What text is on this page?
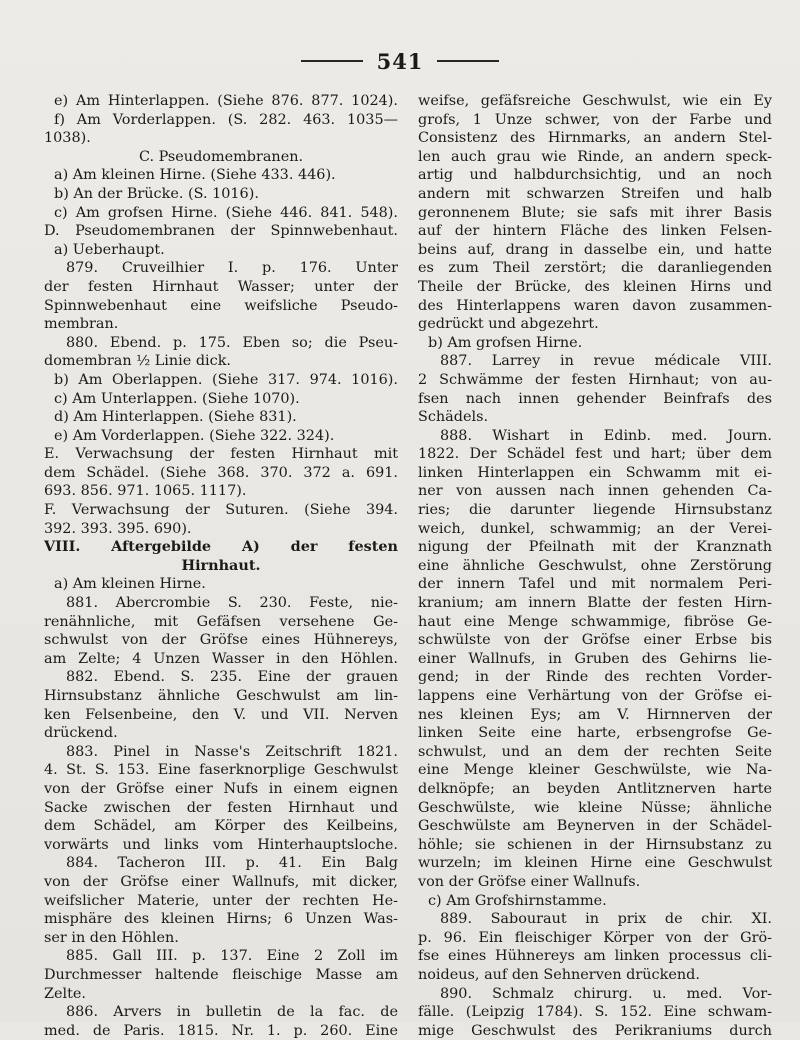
541
e) Am Hinterlappen. (Siehe 876. 877. 1024).
f) Am Vorderlappen. (S. 282. 463. 1035—
1038).
C. Pseudomembranen.
a) Am kleinen Hirne. (Siehe 433. 446).
b) An der Brücke. (S. 1016).
c) Am grofsen Hirne. (Siehe 446. 841. 548).
D. Pseudomembranen der Spinnwebenhaut.
a) Ueberhaupt.
879. Cruveilhier I. p. 176. Unter
der festen Hirnhaut Wasser; unter der
Spinnwebenhaut eine weifsliche Pseudo-
membran.
880. Ebend. p. 175. Eben so; die Pseu-
domembran ½ Linie dick.
b) Am Oberlappen. (Siehe 317. 974. 1016).
c) Am Unterlappen. (Siehe 1070).
d) Am Hinterlappen. (Siehe 831).
e) Am Vorderlappen. (Siehe 322. 324).
E. Verwachsung der festen Hirnhaut mit
dem Schädel. (Siehe 368. 370. 372 a. 691.
693. 856. 971. 1065. 1117).
F. Verwachsung der Suturen. (Siehe 394.
392. 393. 395. 690).
VIII. Aftergebilde A) der festen
Hirnhaut.
a) Am kleinen Hirne.
881. Abercrombie S. 230. Feste, nie-
renähnliche, mit Gefäfsen versehene Ge-
schwulst von der Gröfse eines Hühnereys,
am Zelte; 4 Unzen Wasser in den Höhlen.
882. Ebend. S. 235. Eine der grauen
Hirnsubstanz ähnliche Geschwulst am lin-
ken Felsenbeine, den V. und VII. Nerven
drückend.
883. Pinel in Nasse's Zeitschrift 1821.
4. St. S. 153. Eine faserknorplige Geschwulst
von der Gröfse einer Nufs in einem eignen
Sacke zwischen der festen Hirnhaut und
dem Schädel, am Körper des Keilbeins,
vorwärts und links vom Hinterhauptsloche.
884. Tacheron III. p. 41. Ein Balg
von der Gröfse einer Wallnufs, mit dicker,
weifslicher Materie, unter der rechten He-
misphäre des kleinen Hirns; 6 Unzen Was-
ser in den Höhlen.
885. Gall III. p. 137. Eine 2 Zoll im
Durchmesser haltende fleischige Masse am
Zelte.
886. Arvers in bulletin de la fac. de
med. de Paris. 1815. Nr. 1. p. 260. Eine
weifse, gefäfsreiche Geschwulst, wie ein Ey
grofs, 1 Unze schwer, von der Farbe und
Consistenz des Hirnmarks, an andern Stel-
len auch grau wie Rinde, an andern speck-
artig und halbdurchsichtig, und an noch
andern mit schwarzen Streifen und halb
geronnenem Blute; sie safs mit ihrer Basis
auf der hintern Fläche des linken Felsen-
beins auf, drang in dasselbe ein, und hatte
es zum Theil zerstört; die daranliegenden
Theile der Brücke, des kleinen Hirns und
des Hinterlappens waren davon zusammen-
gedrückt und abgezehrt.
b) Am grofsen Hirne.
887. Larrey in revue médicale VIII.
2 Schwämme der festen Hirnhaut; von au-
fsen nach innen gehender Beinfrafs des
Schädels.
888. Wishart in Edinb. med. Journ.
1822. Der Schädel fest und hart; über dem
linken Hinterlappen ein Schwamm mit ei-
ner von aussen nach innen gehenden Ca-
ries; die darunter liegende Hirnsubstanz
weich, dunkel, schwammig; an der Verei-
nigung der Pfeilnath mit der Kranznath
eine ähnliche Geschwulst, ohne Zerstörung
der innern Tafel und mit normalem Peri-
kranium; am innern Blatte der festen Hirn-
haut eine Menge schwammige, fibröse Ge-
schwülste von der Gröfse einer Erbse bis
einer Wallnufs, in Gruben des Gehirns lie-
gend; in der Rinde des rechten Vorder-
lappens eine Verhärtung von der Gröfse ei-
nes kleinen Eys; am V. Hirnnerven der
linken Seite eine harte, erbsengrofse Ge-
schwulst, und an dem der rechten Seite
eine Menge kleiner Geschwülste, wie Na-
delknöpfe; an beyden Antlitznerven harte
Geschwülste, wie kleine Nüsse; ähnliche
Geschwülste am Beynerven in der Schädel-
höhle; sie schienen in der Hirnsubstanz zu
wurzeln; im kleinen Hirne eine Geschwulst
von der Gröfse einer Wallnufs.
c) Am Grofshirnstamme.
889. Sabouraut in prix de chir. XI.
p. 96. Ein fleischiger Körper von der Grö-
fse eines Hühnereys am linken processus cli-
noideus, auf den Sehnerven drückend.
890. Schmalz chirurg. u. med. Vor-
fälle. (Leipzig 1784). S. 152. Eine schwam-
mige Geschwulst des Perikraniums durch
